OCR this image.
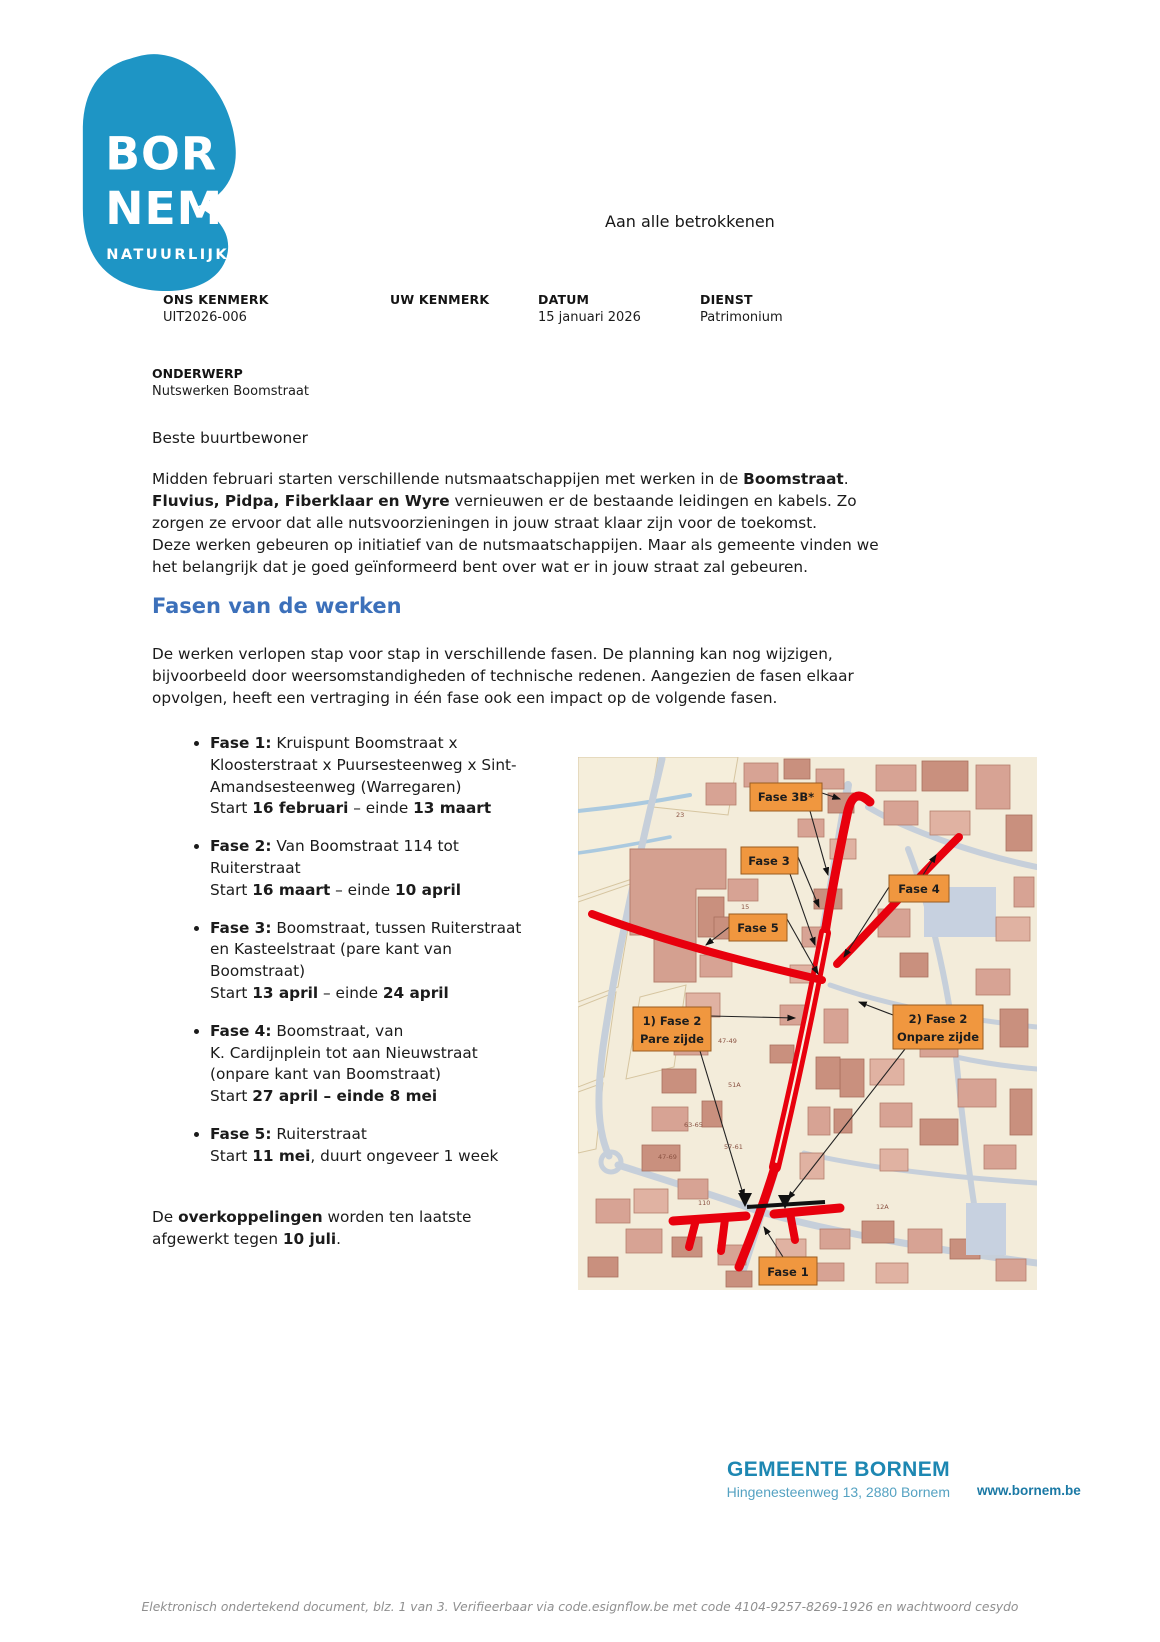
BOR
NEM
NATUURLIJK
Aan alle betrokkenen
ONS KENMERK
UIT2026-006
UW KENMERK	DATUM
15 januari 2026
DIENST
Patrimonium
ONDERWERP
Nutswerken Boomstraat
Beste buurtbewoner
Midden februari starten verschillende nutsmaatschappijen met werken in de Boomstraat.
Fluvius, Pidpa, Fiberklaar en Wyre vernieuwen er de bestaande leidingen en kabels. Zo
zorgen ze ervoor dat alle nutsvoorzieningen in jouw straat klaar zijn voor de toekomst.
Deze werken gebeuren op initiatief van de nutsmaatschappijen. Maar als gemeente vinden we
het belangrijk dat je goed geïnformeerd bent over wat er in jouw straat zal gebeuren.
Fasen van de werken
De werken verlopen stap voor stap in verschillende fasen. De planning kan nog wijzigen,
bijvoorbeeld door weersomstandigheden of technische redenen. Aangezien de fasen elkaar
opvolgen, heeft een vertraging in één fase ook een impact op de volgende fasen.
• Fase 1: Kruispunt Boomstraat x
Kloosterstraat x Puursesteenweg x Sint-
Amandsesteenweg (Warregaren)
Start 16 februari – einde 13 maart
• Fase 2: Van Boomstraat 114 tot
Ruiterstraat
Start 16 maart – einde 10 april
• Fase 3: Boomstraat, tussen Ruiterstraat
en Kasteelstraat (pare kant van
Boomstraat)
Start 13 april – einde 24 april
• Fase 4: Boomstraat, van
K. Cardijnplein tot aan Nieuwstraat
(onpare kant van Boomstraat)
Start 27 april – einde 8 mei
• Fase 5: Ruiterstraat
Start 11 mei, duurt ongeveer 1 week
De overkoppelingen worden ten laatste
afgewerkt tegen 10 juli.
23
15
47-49
51A
63-65
57-61
47-69
79
110	12A
Fase 3B*
Fase 3
Fase 4
Fase 5
1) Fase 2
Pare zijde
2) Fase 2
Onpare zijde
Fase 1
GEMEENTE BORNEM
Hingenesteenweg 13, 2880 Bornem www.bornem.be
Elektronisch ondertekend document, blz. 1 van 3. Verifieerbaar via code.esignflow.be met code 4104-9257-8269-1926 en wachtwoord cesydo
